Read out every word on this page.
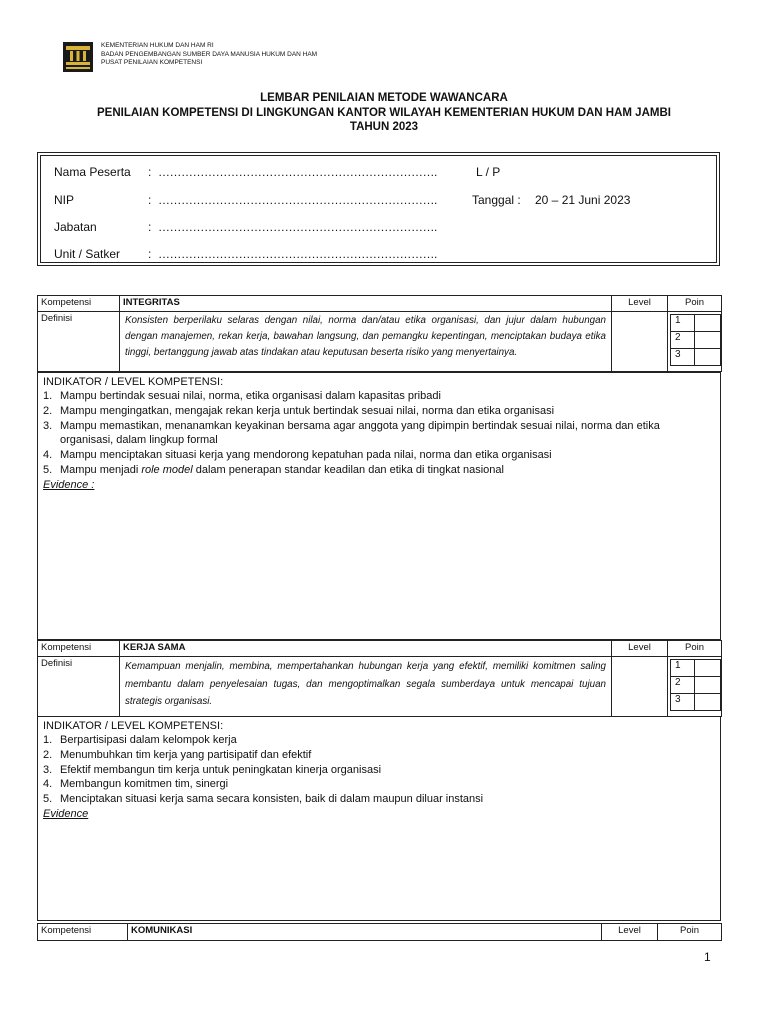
KEMENTERIAN HUKUM DAN HAM RI
BADAN PENGEMBANGAN SUMBER DAYA MANUSIA HUKUM DAN HAM
PUSAT PENILAIAN KOMPETENSI
LEMBAR PENILAIAN METODE WAWANCARA
PENILAIAN KOMPETENSI DI LINGKUNGAN KANTOR WILAYAH KEMENTERIAN HUKUM DAN HAM JAMBI
TAHUN 2023
Nama Peserta : ……………………………………………………………….	L / P
NIP	: ……………………………………………………………….	Tanggal : 20 – 21 Juni 2023
Jabatan	: ……………………………………………………………….
Unit / Satker : ……………………………………………………………….
Kompetensi	INTEGRITAS	Level	Poin
Definisi	Konsisten berperilaku selaras dengan nilai, norma dan/atau etika organisasi, dan jujur dalam hubungan dengan manajemen, rekan kerja, bawahan langsung, dan pemangku kepentingan, menciptakan budaya etika tinggi, bertanggung jawab atas tindakan atau keputusan beserta risiko yang menyertainya.		
1	
2	
3	
INDIKATOR / LEVEL KOMPETENSI:
1. Mampu bertindak sesuai nilai, norma, etika organisasi dalam kapasitas pribadi
2. Mampu mengingatkan, mengajak rekan kerja untuk bertindak sesuai nilai, norma dan etika organisasi
3. Mampu memastikan, menanamkan keyakinan bersama agar anggota yang dipimpin bertindak sesuai nilai, norma dan etika organisasi, dalam lingkup formal
4. Mampu menciptakan situasi kerja yang mendorong kepatuhan pada nilai, norma dan etika organisasi
5. Mampu menjadi role model dalam penerapan standar keadilan dan etika di tingkat nasional
Evidence :
Kompetensi	KERJA SAMA	Level	Poin
Definisi	Kemampuan menjalin, membina, mempertahankan hubungan kerja yang efektif, memiliki komitmen saling membantu dalam penyelesaian tugas, dan mengoptimalkan segala sumberdaya untuk mencapai tujuan strategis organisasi.		
1	
2	
3	
INDIKATOR / LEVEL KOMPETENSI:
1. Berpartisipasi dalam kelompok kerja
2. Menumbuhkan tim kerja yang partisipatif dan efektif
3. Efektif membangun tim kerja untuk peningkatan kinerja organisasi
4. Membangun komitmen tim, sinergi
5. Menciptakan situasi kerja sama secara konsisten, baik di dalam maupun diluar instansi
Evidence
Kompetensi	KOMUNIKASI	Level	Poin
1
